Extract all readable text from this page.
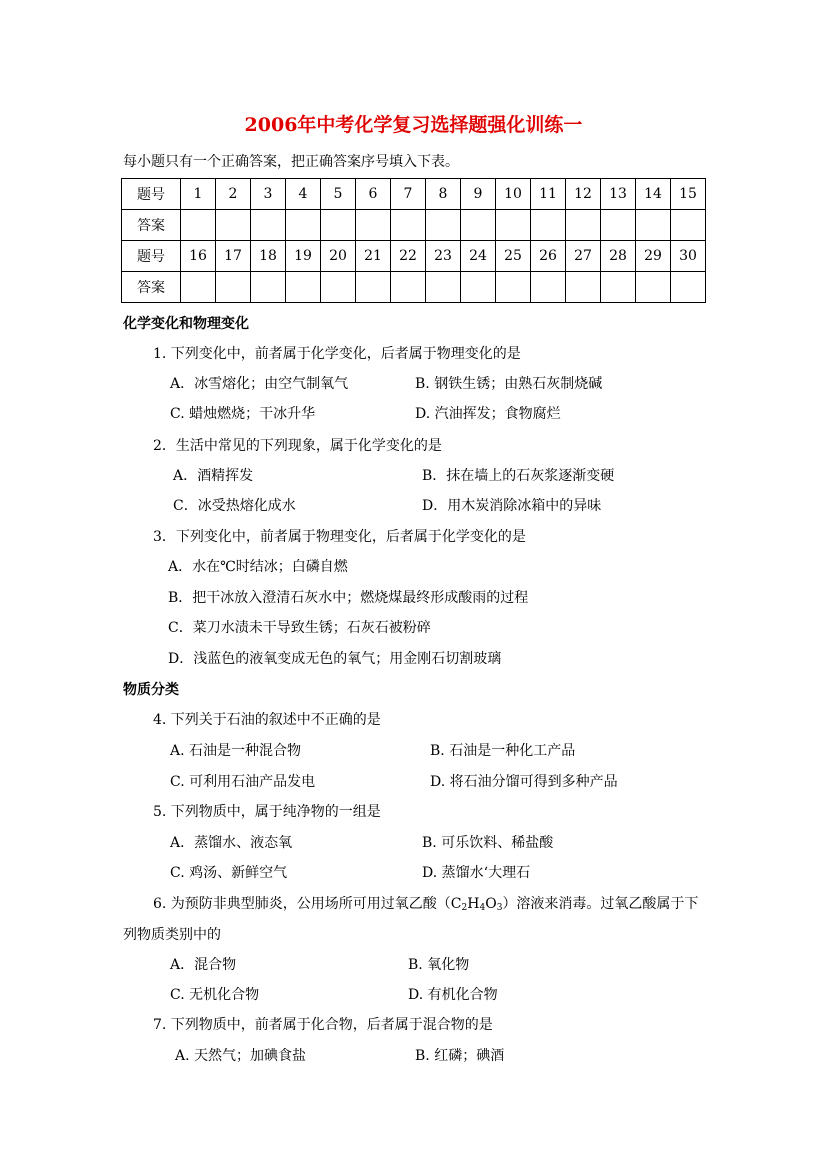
2006年中考化学复习选择题强化训练一
每小题只有一个正确答案，把正确答案序号填入下表。
题号	1	2	3	4	5	6	7	8	9	10	11	12	13	14	15
答案															
题号	16	17	18	19	20	21	22	23	24	25	26	27	28	29	30
答案															
化学变化和物理变化
1. 下列变化中，前者属于化学变化，后者属于物理变化的是
A．冰雪熔化；由空气制氧气	B. 钢铁生锈；由熟石灰制烧碱
C. 蜡烛燃烧；干冰升华	D. 汽油挥发；食物腐烂
2．生活中常见的下列现象，属于化学变化的是
A．酒精挥发	B．抹在墙上的石灰浆逐渐变硬
C．冰受热熔化成水	D．用木炭消除冰箱中的异味
3．下列变化中，前者属于物理变化，后者属于化学变化的是
A．水在℃时结冰；白磷自燃
B．把干冰放入澄清石灰水中；燃烧煤最终形成酸雨的过程
C．菜刀水渍未干导致生锈；石灰石被粉碎
D．浅蓝色的液氧变成无色的氧气；用金刚石切割玻璃
物质分类
4. 下列关于石油的叙述中不正确的是
A. 石油是一种混合物	B. 石油是一种化工产品
C. 可利用石油产品发电	D. 将石油分馏可得到多种产品
5. 下列物质中，属于纯净物的一组是
A．蒸馏水、液态氧	B. 可乐饮料、稀盐酸
C. 鸡汤、新鲜空气	D. 蒸馏水‘大理石
6. 为预防非典型肺炎，公用场所可用过氧乙酸$(C_2H_4O_3)$溶液来消毒。过氧乙酸属于下
列物质类别中的
A．混合物	B. 氧化物
C. 无机化合物	D. 有机化合物
7. 下列物质中，前者属于化合物，后者属于混合物的是
A. 天然气；加碘食盐	B. 红磷；碘酒
